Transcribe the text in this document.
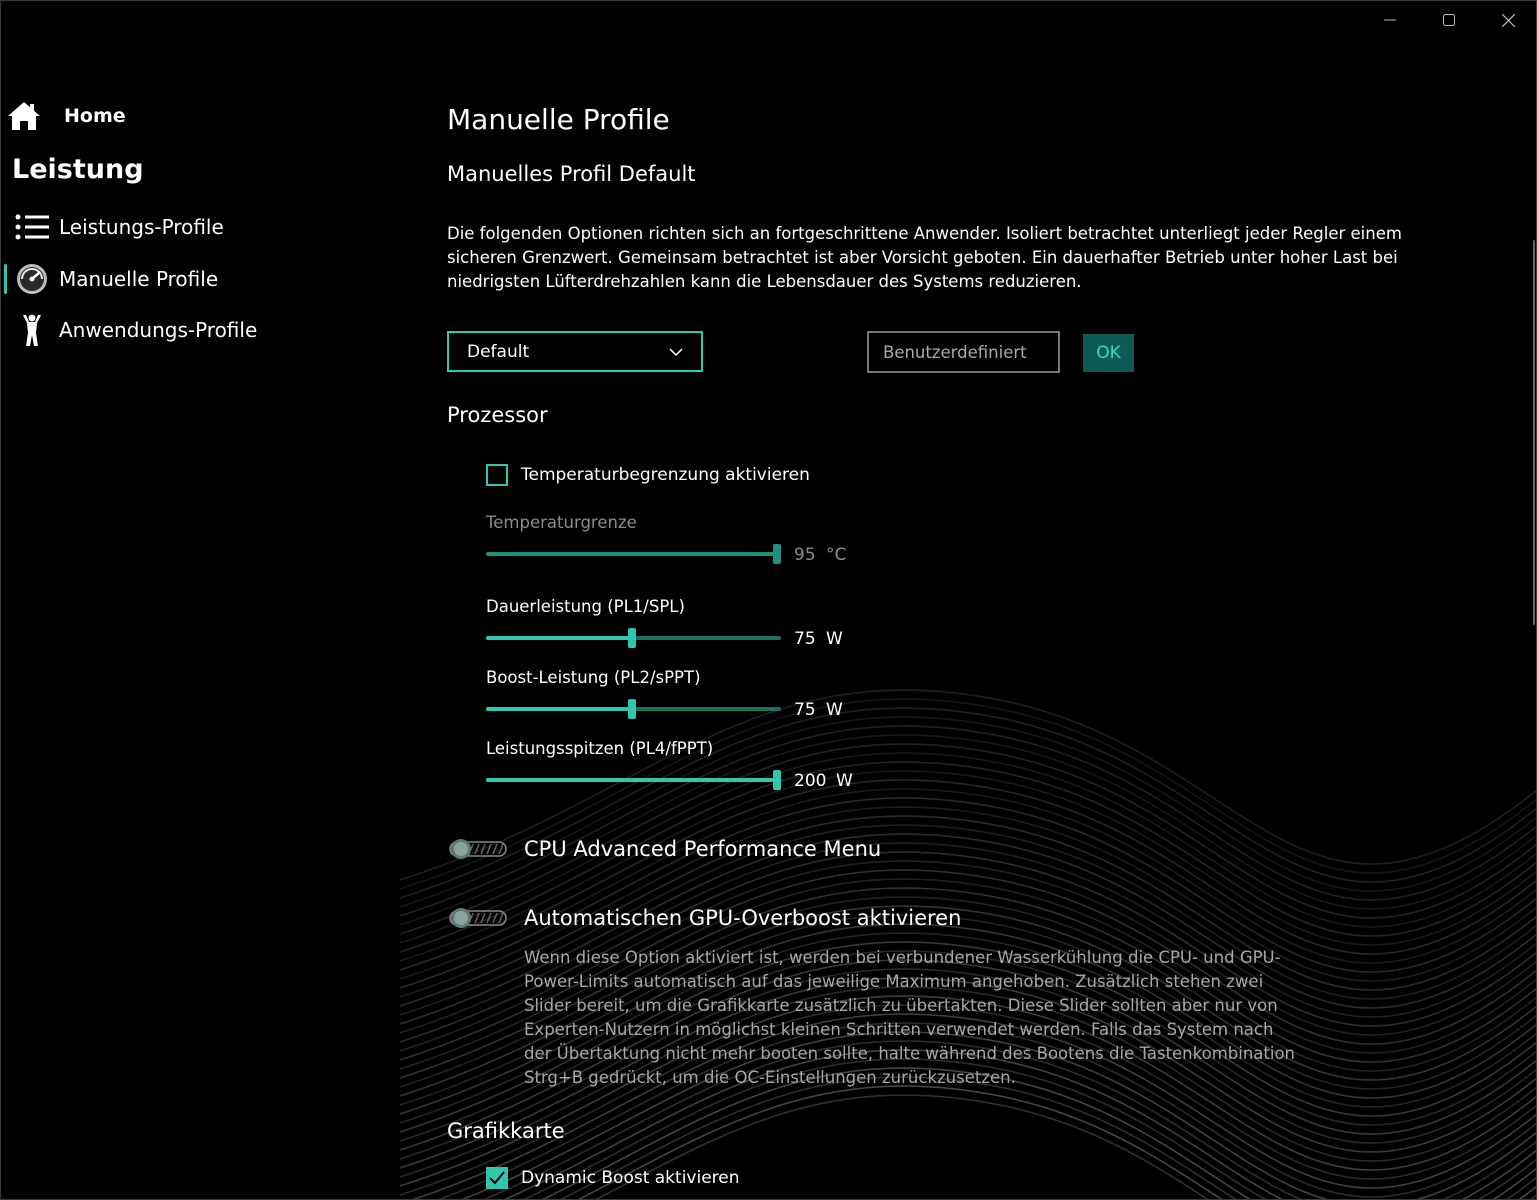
Home
Leistung
Leistungs-Profile
Manuelle Profile
Anwendungs-Profile
Manuelle Profile
Manuelles Profil Default
Die folgenden Optionen richten sich an fortgeschrittene Anwender. Isoliert betrachtet unterliegt jeder Regler einem sicheren Grenzwert. Gemeinsam betrachtet ist aber Vorsicht geboten. Ein dauerhafter Betrieb unter hoher Last bei niedrigsten Lüfterdrehzahlen kann die Lebensdauer des Systems reduzieren.
Default
Benutzerdefiniert	OK
Prozessor
Temperaturbegrenzung aktivieren
Temperaturgrenze
95 °C
Dauerleistung (PL1/SPL)
75 W
Boost-Leistung (PL2/sPPT)
75 W
Leistungsspitzen (PL4/fPPT)
200 W
CPU Advanced Performance Menu
Automatischen GPU-Overboost aktivieren
Wenn diese Option aktiviert ist, werden bei verbundener Wasserkühlung die CPU- und GPU-Power-Limits automatisch auf das jeweilige Maximum angehoben. Zusätzlich stehen zwei Slider bereit, um die Grafikkarte zusätzlich zu übertakten. Diese Slider sollten aber nur von Experten-Nutzern in möglichst kleinen Schritten verwendet werden. Falls das System nach der Übertaktung nicht mehr booten sollte, halte während des Bootens die Tastenkombination Strg+B gedrückt, um die OC-Einstellungen zurückzusetzen.
Grafikkarte
Dynamic Boost aktivieren
